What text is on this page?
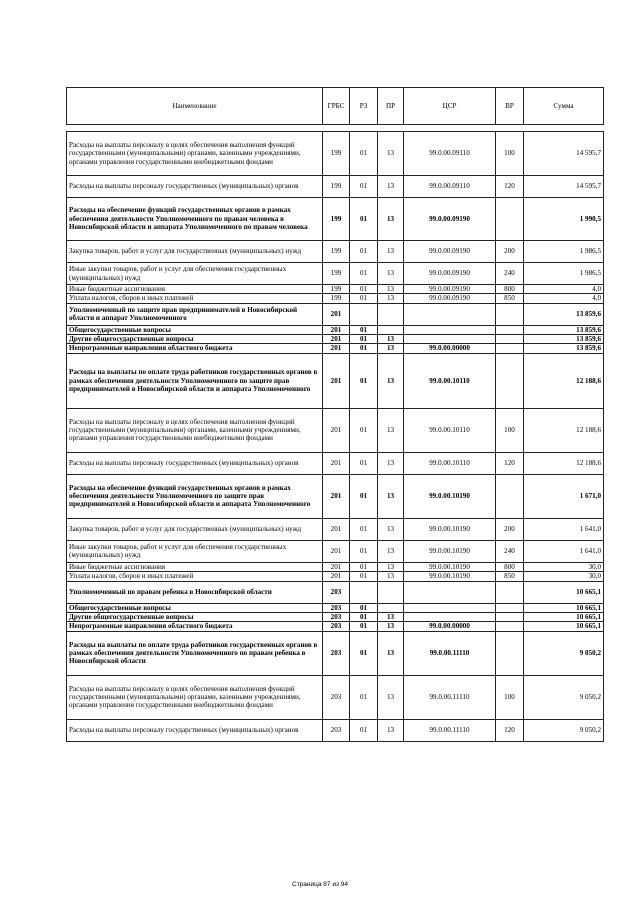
Наименование	ГРБС	РЗ	ПР	ЦСР	ВР	Сумма

Расходы на выплаты персоналу в целях обеспечения выполнения функций государственными (муниципальными) органами, казенными учреждениями, органами управления государственными внебюджетными фондами	199	01	13	99.0.00.09110	100	14 595,7
Расходы на выплаты персоналу государственных (муниципальных) органов	199	01	13	99.0.00.09110	120	14 595,7
Расходы на обеспечение функций государственных органов в рамках обеспечения деятельности Уполномоченного по правам человека в Новосибирской области и аппарата Уполномоченного по правам человека	199	01	13	99.0.00.09190		1 990,5
Закупка товаров, работ и услуг для государственных (муниципальных) нужд	199	01	13	99.0.00.09190	200	1 986,5
Иные закупки товаров, работ и услуг для обеспечения государственных (муниципальных) нужд	199	01	13	99.0.00.09190	240	1 986,5
Иные бюджетные ассигнования	199	01	13	99.0.00.09190	800	4,0
Уплата налогов, сборов и иных платежей	199	01	13	99.0.00.09190	850	4,0
Уполномоченный по защите прав предпринимателей в Новосибирской области и аппарат Уполномоченного	201					13 859,6
Общегосударственные вопросы	201	01				13 859,6
Другие общегосударственные вопросы	201	01	13			13 859,6
Непрограммные направления областного бюджета	201	01	13	99.0.00.00000		13 859,6
Расходы на выплаты по оплате труда работников государственных органов в рамках обеспечения деятельности Уполномоченного по защите прав предпринимателей в Новосибирской области и аппарата Уполномоченного	201	01	13	99.0.00.10110		12 188,6
Расходы на выплаты персоналу в целях обеспечения выполнения функций государственными (муниципальными) органами, казенными учреждениями, органами управления государственными внебюджетными фондами	201	01	13	99.0.00.10110	100	12 188,6
Расходы на выплаты персоналу государственных (муниципальных) органов	201	01	13	99.0.00.10110	120	12 188,6
Расходы на обеспечение функций государственных органов в рамках обеспечения деятельности Уполномоченного по защите прав предпринимателей в Новосибирской области и аппарата Уполномоченного	201	01	13	99.0.00.10190		1 671,0
Закупка товаров, работ и услуг для государственных (муниципальных) нужд	201	01	13	99.0.00.10190	200	1 641,0
Иные закупки товаров, работ и услуг для обеспечения государственных (муниципальных) нужд	201	01	13	99.0.00.10190	240	1 641,0
Иные бюджетные ассигнования	201	01	13	99.0.00.10190	800	30,0
Уплата налогов, сборов и иных платежей	201	01	13	99.0.00.10190	850	30,0
Уполномоченный по правам ребенка в Новосибирской области	203					10 665,1
Общегосударственные вопросы	203	01				10 665,1
Другие общегосударственные вопросы	203	01	13			10 665,1
Непрограммные направления областного бюджета	203	01	13	99.0.00.00000		10 665,1
Расходы на выплаты по оплате труда работников государственных органов в рамках обеспечения деятельности Уполномоченного по правам ребенка в Новосибирской области	203	01	13	99.0.00.11110		9 050,2
Расходы на выплаты персоналу в целях обеспечения выполнения функций государственными (муниципальными) органами, казенными учреждениями, органами управления государственными внебюджетными фондами	203	01	13	99.0.00.11110	100	9 050,2
Расходы на выплаты персоналу государственных (муниципальных) органов	203	01	13	99.0.00.11110	120	9 050,2
Страница 87 из 94
